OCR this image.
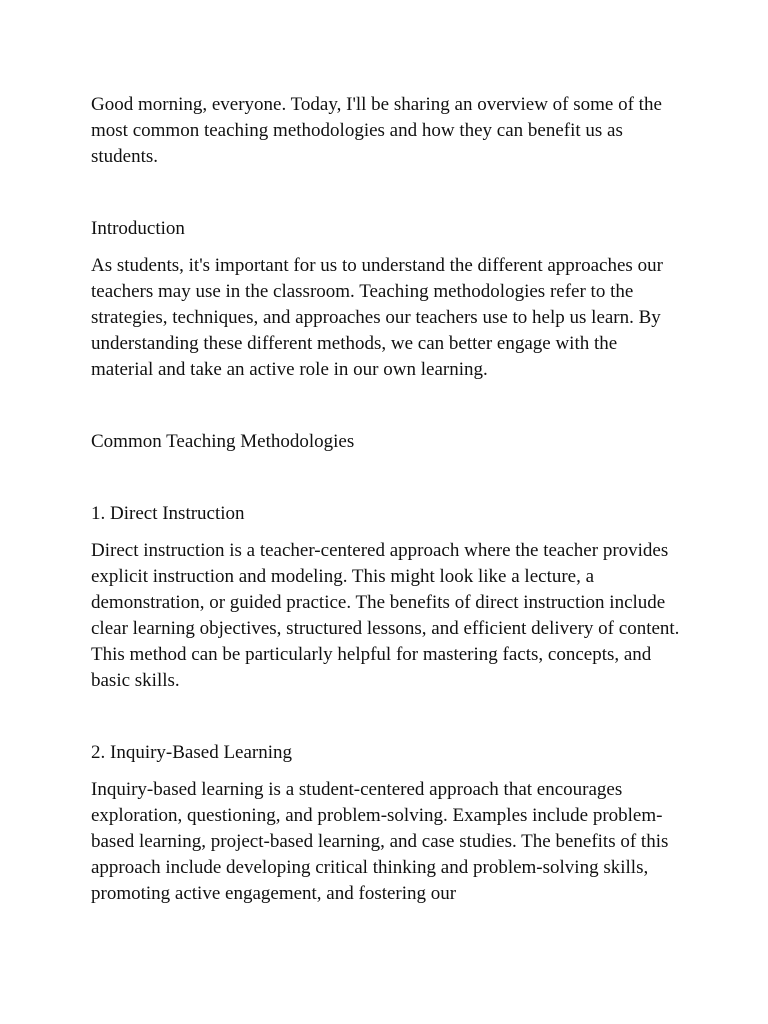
Good morning, everyone. Today, I'll be sharing an overview of some of the most common teaching methodologies and how they can benefit us as students.

Introduction

As students, it's important for us to understand the different approaches our teachers may use in the classroom. Teaching methodologies refer to the strategies, techniques, and approaches our teachers use to help us learn. By understanding these different methods, we can better engage with the material and take an active role in our own learning.

Common Teaching Methodologies

1. Direct Instruction

Direct instruction is a teacher-centered approach where the teacher provides explicit instruction and modeling. This might look like a lecture, a demonstration, or guided practice. The benefits of direct instruction include clear learning objectives, structured lessons, and efficient delivery of content. This method can be particularly helpful for mastering facts, concepts, and basic skills.

2. Inquiry-Based Learning

Inquiry-based learning is a student-centered approach that encourages exploration, questioning, and problem-solving. Examples include problem-based learning, project-based learning, and case studies. The benefits of this approach include developing critical thinking and problem-solving skills, promoting active engagement, and fostering our
